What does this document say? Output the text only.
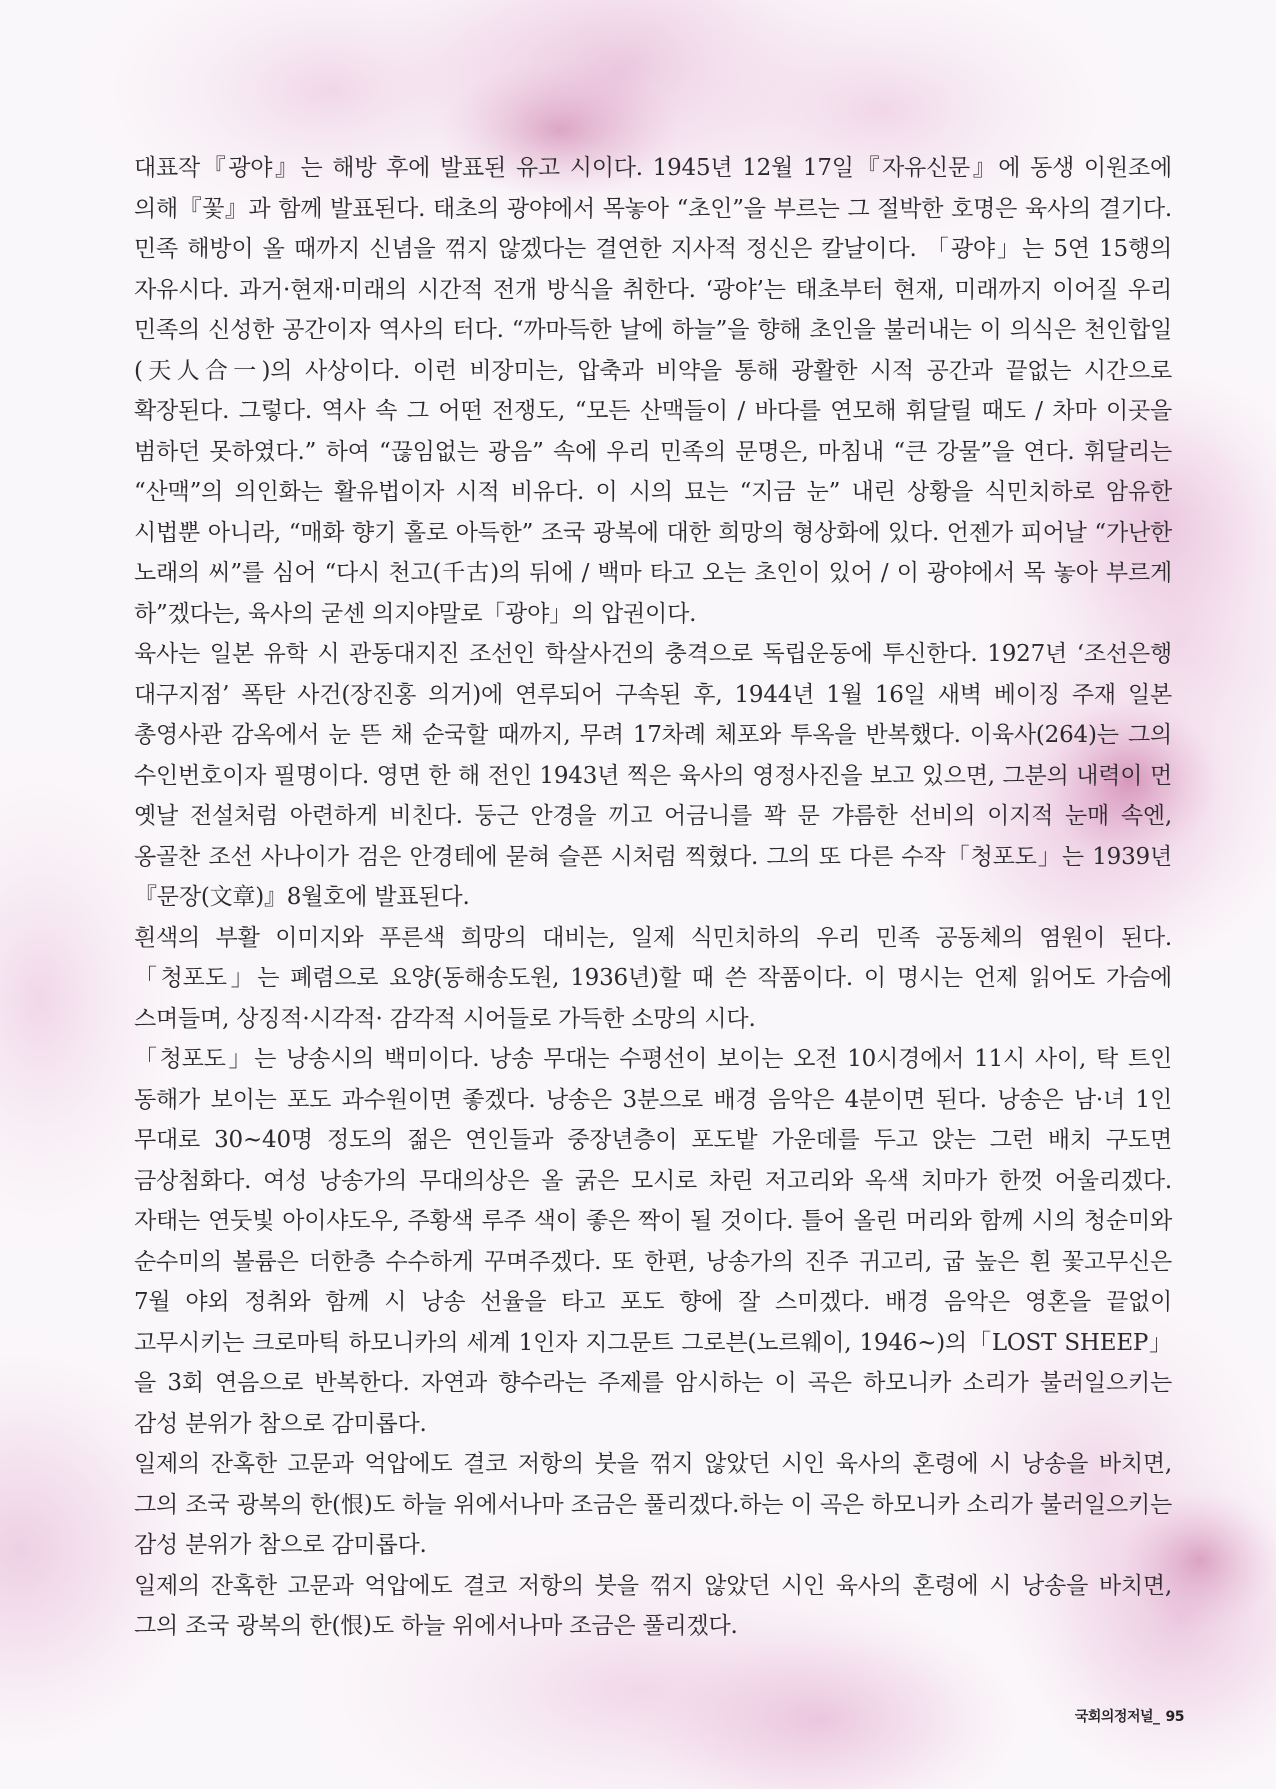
대표작『광야』는 해방 후에 발표된 유고 시이다. 1945년 12월 17일『자유신문』에 동생 이원조에 의해『꽃』과 함께 발표된다. 태초의 광야에서 목놓아 “초인”을 부르는 그 절박한 호명은 육사의 결기다. 민족 해방이 올 때까지 신념을 꺾지 않겠다는 결연한 지사적 정신은 칼날이다. 「광야」는 5연 15행의 자유시다. 과거·현재·미래의 시간적 전개 방식을 취한다. ‘광야’는 태초부터 현재, 미래까지 이어질 우리 민족의 신성한 공간이자 역사의 터다. “까마득한 날에 하늘”을 향해 초인을 불러내는 이 의식은 천인합일(天人合一)의 사상이다. 이런 비장미는, 압축과 비약을 통해 광활한 시적 공간과 끝없는 시간으로 확장된다. 그렇다. 역사 속 그 어떤 전쟁도, “모든 산맥들이 / 바다를 연모해 휘달릴 때도 / 차마 이곳을 범하던 못하였다.” 하여 “끊임없는 광음” 속에 우리 민족의 문명은, 마침내 “큰 강물”을 연다. 휘달리는 “산맥”의 의인화는 활유법이자 시적 비유다. 이 시의 묘는 “지금 눈” 내린 상황을 식민치하로 암유한 시법뿐 아니라, “매화 향기 홀로 아득한” 조국 광복에 대한 희망의 형상화에 있다. 언젠가 피어날 “가난한 노래의 씨”를 심어 “다시 천고(千古)의 뒤에 / 백마 타고 오는 초인이 있어 / 이 광야에서 목 놓아 부르게 하”겠다는, 육사의 굳센 의지야말로「광야」의 압권이다.

육사는 일본 유학 시 관동대지진 조선인 학살사건의 충격으로 독립운동에 투신한다. 1927년 ‘조선은행 대구지점’ 폭탄 사건(장진홍 의거)에 연루되어 구속된 후, 1944년 1월 16일 새벽 베이징 주재 일본 총영사관 감옥에서 눈 뜬 채 순국할 때까지, 무려 17차례 체포와 투옥을 반복했다. 이육사(264)는 그의 수인번호이자 필명이다. 영면 한 해 전인 1943년 찍은 육사의 영정사진을 보고 있으면, 그분의 내력이 먼 옛날 전설처럼 아련하게 비친다. 둥근 안경을 끼고 어금니를 꽉 문 갸름한 선비의 이지적 눈매 속엔, 옹골찬 조선 사나이가 검은 안경테에 묻혀 슬픈 시처럼 찍혔다. 그의 또 다른 수작「청포도」는 1939년『문장(文章)』8월호에 발표된다.

흰색의 부활 이미지와 푸른색 희망의 대비는, 일제 식민치하의 우리 민족 공동체의 염원이 된다. 「청포도」는 폐렴으로 요양(동해송도원, 1936년)할 때 쓴 작품이다. 이 명시는 언제 읽어도 가슴에 스며들며, 상징적·시각적· 감각적 시어들로 가득한 소망의 시다.

「청포도」는 낭송시의 백미이다. 낭송 무대는 수평선이 보이는 오전 10시경에서 11시 사이, 탁 트인 동해가 보이는 포도 과수원이면 좋겠다. 낭송은 3분으로 배경 음악은 4분이면 된다. 낭송은 남·녀 1인 무대로 30~40명 정도의 젊은 연인들과 중장년층이 포도밭 가운데를 두고 앉는 그런 배치 구도면 금상첨화다. 여성 낭송가의 무대의상은 올 굵은 모시로 차린 저고리와 옥색 치마가 한껏 어울리겠다. 자태는 연둣빛 아이샤도우, 주황색 루주 색이 좋은 짝이 될 것이다. 틀어 올린 머리와 함께 시의 청순미와 순수미의 볼륨은 더한층 수수하게 꾸며주겠다. 또 한편, 낭송가의 진주 귀고리, 굽 높은 흰 꽃고무신은 7월 야외 정취와 함께 시 낭송 선율을 타고 포도 향에 잘 스미겠다. 배경 음악은 영혼을 끝없이 고무시키는 크로마틱 하모니카의 세계 1인자 지그문트 그로븐(노르웨이, 1946~)의「LOST SHEEP」을 3회 연음으로 반복한다. 자연과 향수라는 주제를 암시하는 이 곡은 하모니카 소리가 불러일으키는 감성 분위가 참으로 감미롭다.

일제의 잔혹한 고문과 억압에도 결코 저항의 붓을 꺾지 않았던 시인 육사의 혼령에 시 낭송을 바치면, 그의 조국 광복의 한(恨)도 하늘 위에서나마 조금은 풀리겠다.하는 이 곡은 하모니카 소리가 불러일으키는 감성 분위가 참으로 감미롭다.

일제의 잔혹한 고문과 억압에도 결코 저항의 붓을 꺾지 않았던 시인 육사의 혼령에 시 낭송을 바치면, 그의 조국 광복의 한(恨)도 하늘 위에서나마 조금은 풀리겠다.

국회의정저널_ 95
